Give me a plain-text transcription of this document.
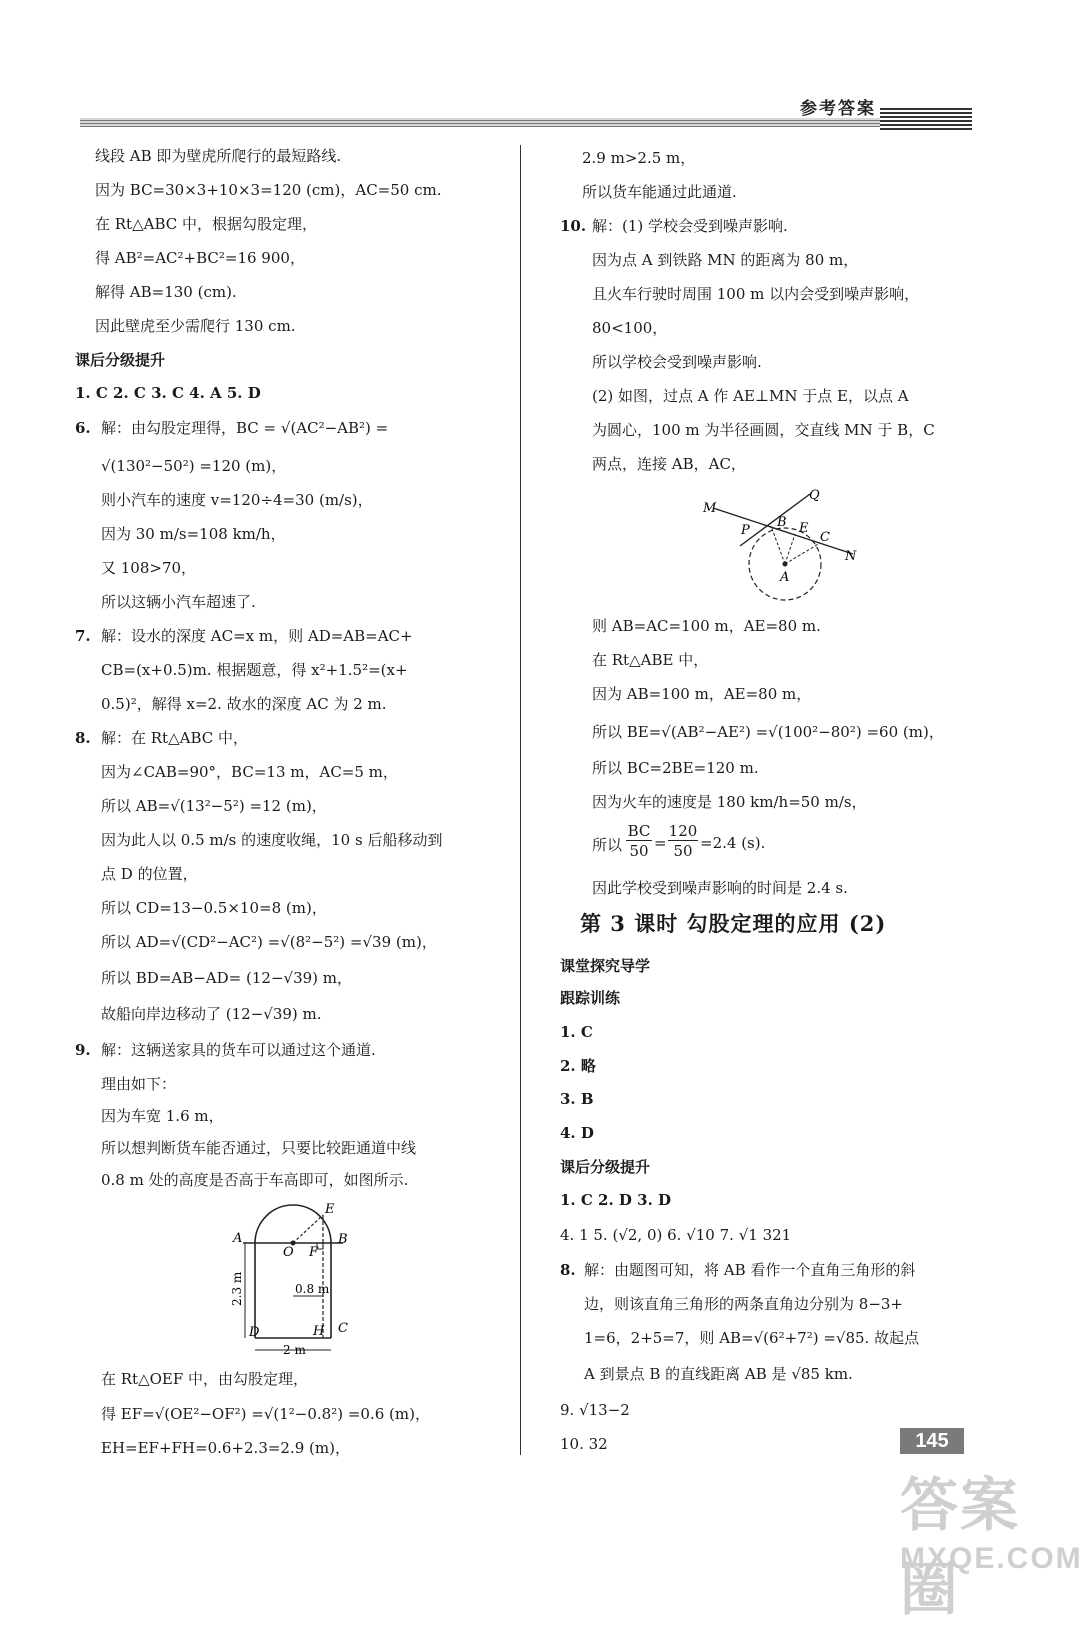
参考答案
线段 AB 即为壁虎所爬行的最短路线.
因为 BC=30×3+10×3=120 (cm)，AC=50 cm.
在 Rt△ABC 中，根据勾股定理，
得 AB²=AC²+BC²=16 900，
解得 AB=130 (cm).
因此壁虎至少需爬行 130 cm.
课后分级提升
1. C 2. C 3. C 4. A 5. D
6. 解：由勾股定理得，BC = √(AC²−AB²) =
√(130²−50²) =120 (m)，
则小汽车的速度 v=120÷4=30 (m/s)，
因为 30 m/s=108 km/h，
又 108>70，
所以这辆小汽车超速了.
7. 解：设水的深度 AC=x m，则 AD=AB=AC+
CB=(x+0.5)m. 根据题意，得 x²+1.5²=(x+
0.5)²，解得 x=2. 故水的深度 AC 为 2 m.
8. 解：在 Rt△ABC 中，
因为∠CAB=90°，BC=13 m，AC=5 m，
所以 AB=√(13²−5²) =12 (m)，
因为此人以 0.5 m/s 的速度收绳，10 s 后船移动到
点 D 的位置，
所以 CD=13−0.5×10=8 (m)，
所以 AD=√(CD²−AC²) =√(8²−5²) =√39 (m)，
所以 BD=AB−AD= (12−√39) m，
故船向岸边移动了 (12−√39) m.
9. 解：这辆送家具的货车可以通过这个通道.
理由如下：
因为车宽 1.6 m，
所以想判断货车能否通过，只要比较距通道中线
0.8 m 处的高度是否高于车高即可，如图所示.
A	B
C
D
E
F
H
O
2.3 m	0.8 m
2 m
在 Rt△OEF 中，由勾股定理，
得 EF=√(OE²−OF²) =√(1²−0.8²) =0.6 (m)，
EH=EF+FH=0.6+2.3=2.9 (m)，
2.9 m>2.5 m，
所以货车能通过此通道.
10. 解：(1) 学校会受到噪声影响.
因为点 A 到铁路 MN 的距离为 80 m，
且火车行驶时周围 100 m 以内会受到噪声影响，
80<100，
所以学校会受到噪声影响.
(2) 如图，过点 A 作 AE⊥MN 于点 E，以点 A
为圆心，100 m 为半径画圆，交直线 MN 于 B，C
两点，连接 AB，AC，
M
N
P
Q
B E
C
A
则 AB=AC=100 m，AE=80 m.
在 Rt△ABE 中，
因为 AB=100 m，AE=80 m，
所以 BE=√(AB²−AE²) =√(100²−80²) =60 (m)，
所以 BC=2BE=120 m.
因为火车的速度是 180 km/h=50 m/s，
所以
BC
50 =
120
50 =2.4 (s).
因此学校受到噪声影响的时间是 2.4 s.
第 3 课时 勾股定理的应用 (2)
课堂探究导学
跟踪训练
1. C
2. 略
3. B
4. D
课后分级提升
1. C 2. D 3. D
4. 1 5. (√2, 0) 6. √10 7. √1 321
8. 解：由题图可知，将 AB 看作一个直角三角形的斜
边，则该直角三角形的两条直角边分别为 8−3+
1=6，2+5=7，则 AB=√(6²+7²) =√85. 故起点
A 到景点 B 的直线距离 AB 是 √85 km.
9. √13−2
10. 32	145
答案圈
MXQE.COM
